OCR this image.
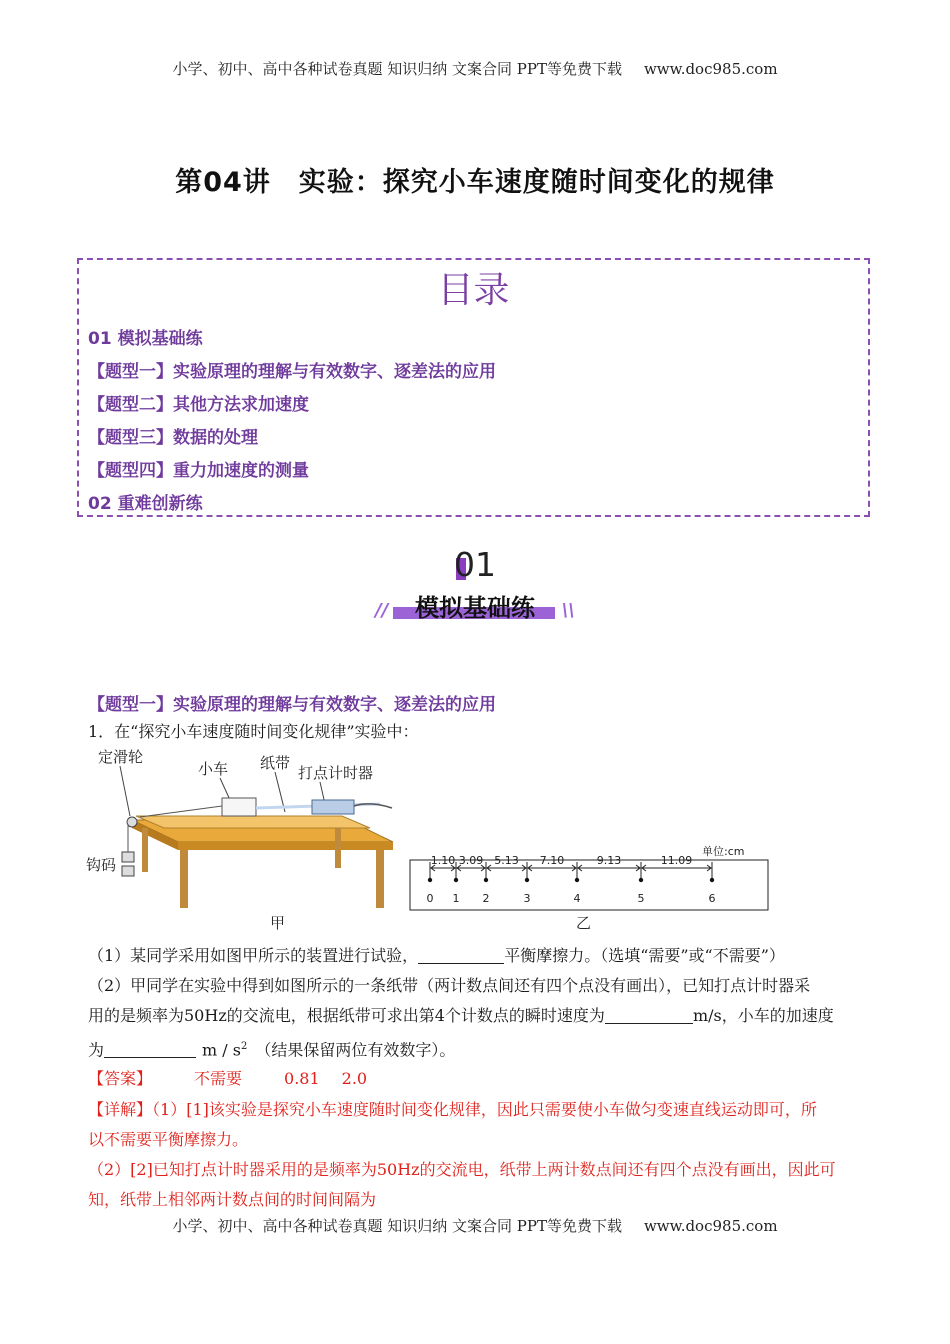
小学、初中、高中各种试卷真题 知识归纳 文案合同 PPT等免费下载 www.doc985.com
第04讲 实验：探究小车速度随时间变化的规律
目录
01 模拟基础练
【题型一】实验原理的理解与有效数字、逐差法的应用
【题型二】其他方法求加速度
【题型三】数据的处理
【题型四】重力加速度的测量
02 重难创新练
01
// 模拟基础练 \\
【题型一】实验原理的理解与有效数字、逐差法的应用
1．在“探究小车速度随时间变化规律”实验中：
定滑轮
小车 纸带
打点计时器
钩码
甲	乙
单位:cm
0 1 2	3	4	5	6
1.10 3.09 5.13 7.10	9.13	11.09
（1）某同学采用如图甲所示的装置进行试验，	平衡摩擦力。（选填“需要”或“不需要”）
（2）甲同学在实验中得到如图所示的一条纸带（两计数点间还有四个点没有画出），已知打点计时器采
用的是频率为50Hz的交流电，根据纸带可求出第4个计数点的瞬时速度为	m/s，小车的加速度
为	m / $s^2$ （结果保留两位有效数字）。
【答案】	不需要	0.81 2.0
【详解】（1）[1]该实验是探究小车速度随时间变化规律，因此只需要使小车做匀变速直线运动即可，所
以不需要平衡摩擦力。
（2）[2]已知打点计时器采用的是频率为50Hz的交流电，纸带上两计数点间还有四个点没有画出，因此可
知，纸带上相邻两计数点间的时间间隔为
小学、初中、高中各种试卷真题 知识归纳 文案合同 PPT等免费下载 www.doc985.com
